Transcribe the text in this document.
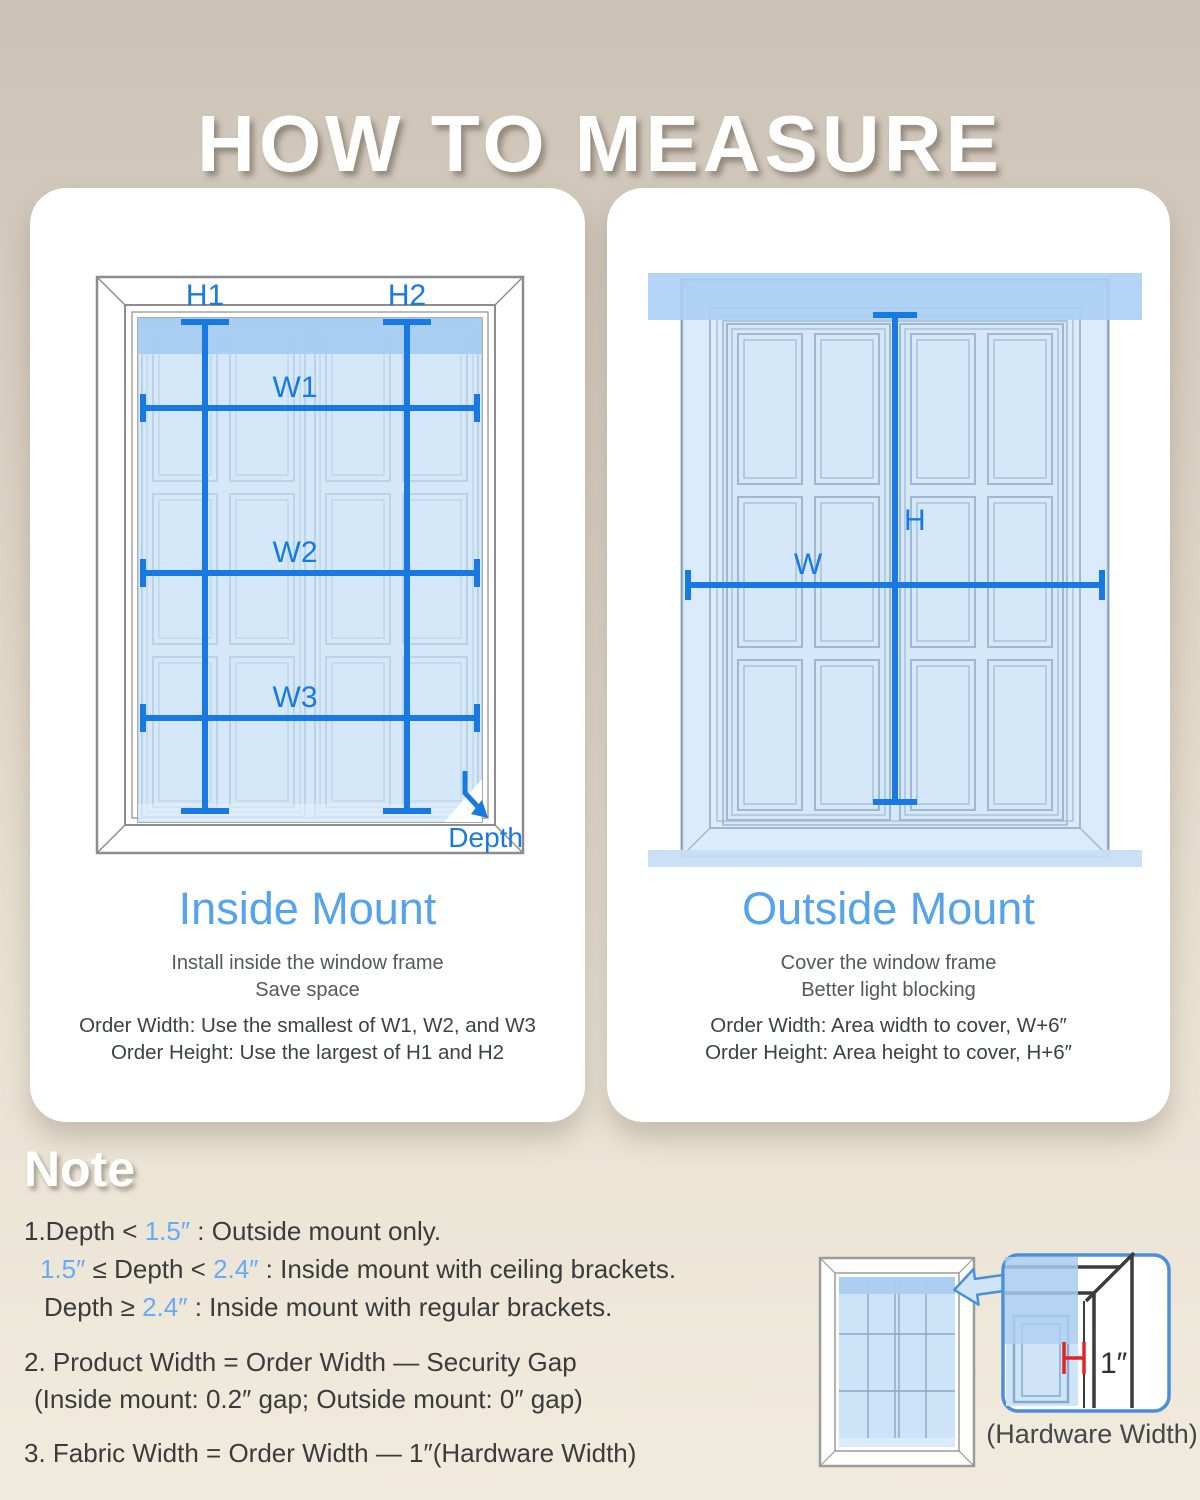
HOW TO MEASURE
H1	H2
W1
W2
W3
Depth
Inside Mount
Install inside the window frame
Save space
Order Width: Use the smallest of W1, W2, and W3
Order Height: Use the largest of H1 and H2
W
H
Outside Mount
Cover the window frame
Better light blocking
Order Width: Area width to cover, W+6″
Order Height: Area height to cover, H+6″
Note
1.Depth < 1.5″ : Outside mount only.
1.5″ ≤ Depth < 2.4″ : Inside mount with ceiling brackets.
Depth ≥ 2.4″ : Inside mount with regular brackets.
2. Product Width = Order Width — Security Gap
(Inside mount: 0.2″ gap; Outside mount: 0″ gap)
3. Fabric Width = Order Width — 1″(Hardware Width)
1″
(Hardware Width)
